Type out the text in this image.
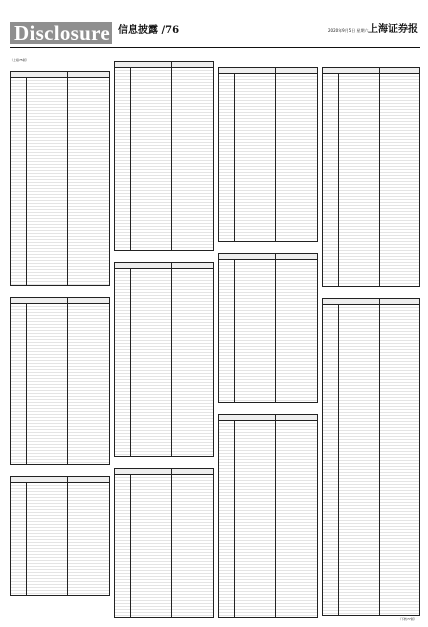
Disclosure 信息披露 /76	2020年9月5日 星期六 上海证券报
（上接75版）
（下转77版）
